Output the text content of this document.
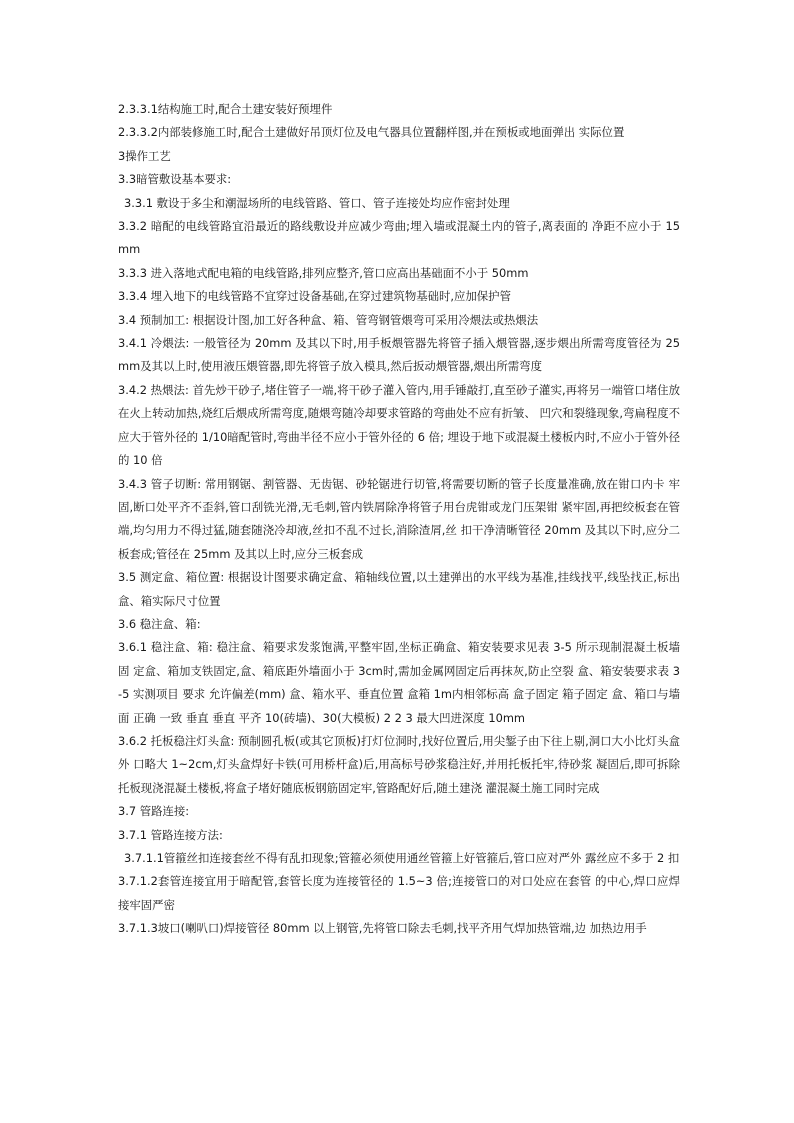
2.3.3.1结构施工时,配合土建安装好预埋件

2.3.3.2内部装修施工时,配合土建做好吊顶灯位及电气器具位置翻样图,并在预板或地面弹出 实际位置

3操作工艺

3.3暗管敷设基本要求:

3.3.1 敷设于多尘和潮湿场所的电线管路、管口、管子连接处均应作密封处理

3.3.2 暗配的电线管路宜沿最近的路线敷设并应减少弯曲;埋入墙或混凝土内的管子,离表面的 净距不应小于 15mm

3.3.3 进入落地式配电箱的电线管路,排列应整齐,管口应高出基础面不小于 50mm

3.3.4 埋入地下的电线管路不宜穿过设备基础,在穿过建筑物基础时,应加保护管

3.4 预制加工: 根据设计图,加工好各种盒、箱、管弯钢管煨弯可采用冷煨法或热煨法

3.4.1 冷煨法: 一般管径为 20mm 及其以下时,用手板煨管器先将管子插入煨管器,逐步煨出所需弯度管径为 25mm及其以上时,使用液压煨管器,即先将管子放入模具,然后扳动煨管器,煨出所需弯度

3.4.2 热煨法: 首先炒干砂子,堵住管子一端,将干砂子灌入管内,用手锤敲打,直至砂子灌实,再将另一端管口堵住放在火上转动加热,烧红后煨成所需弯度,随煨弯随冷却要求管路的弯曲处不应有折皱、 凹穴和裂缝现象,弯扁程度不应大于管外径的 1/10暗配管时,弯曲半径不应小于管外径的 6 倍; 埋设于地下或混凝土楼板内时,不应小于管外径的 10 倍

3.4.3 管子切断: 常用钢锯、割管器、无齿锯、砂轮锯进行切管,将需要切断的管子长度量准确,放在钳口内卡 牢固,断口处平齐不歪斜,管口刮铣光滑,无毛刺,管内铁屑除净将管子用台虎钳或龙门压架钳 紧牢固,再把绞板套在管端,均匀用力不得过猛,随套随浇冷却液,丝扣不乱不过长,消除渣屑,丝 扣干净清晰管径 20mm 及其以下时,应分二板套成;管径在 25mm 及其以上时,应分三板套成

3.5 测定盒、箱位置: 根据设计图要求确定盒、箱轴线位置,以土建弹出的水平线为基准,挂线找平,线坠找正,标出 盒、箱实际尺寸位置

3.6 稳注盒、箱:

3.6.1 稳注盒、箱: 稳注盒、箱要求发浆饱满,平整牢固,坐标正确盒、箱安装要求见表 3-5 所示现制混凝土板墙固 定盒、箱加支铁固定,盒、箱底距外墙面小于 3cm时,需加金属网固定后再抹灰,防止空裂 盒、箱安装要求表 3-5 实测项目 要求 允许偏差(mm) 盒、箱水平、垂直位置 盒箱 1m内相邻标高 盒子固定 箱子固定 盒、箱口与墙面 正确 一致 垂直 垂直 平齐 10(砖墙)、30(大模板) 2 2 3 最大凹进深度 10mm

3.6.2 托板稳注灯头盒: 预制圆孔板(或其它顶板)打灯位洞时,找好位置后,用尖錾子由下往上剔,洞口大小比灯头盒外 口略大 1~2cm,灯头盒焊好卡铁(可用桥杆盒)后,用高标号砂浆稳注好,并用托板托牢,待砂浆 凝固后,即可拆除托板现浇混凝土楼板,将盒子堵好随底板钢筋固定牢,管路配好后,随土建浇 灌混凝土施工同时完成

3.7 管路连接:

3.7.1 管路连接方法:

3.7.1.1管箍丝扣连接套丝不得有乱扣现象;管箍必须使用通丝管箍上好管箍后,管口应对严外 露丝应不多于 2 扣

3.7.1.2套管连接宜用于暗配管,套管长度为连接管径的 1.5~3 倍;连接管口的对口处应在套管 的中心,焊口应焊接牢固严密

3.7.1.3坡口(喇叭口)焊接管径 80mm 以上钢管,先将管口除去毛刺,找平齐用气焊加热管端,边 加热边用手
